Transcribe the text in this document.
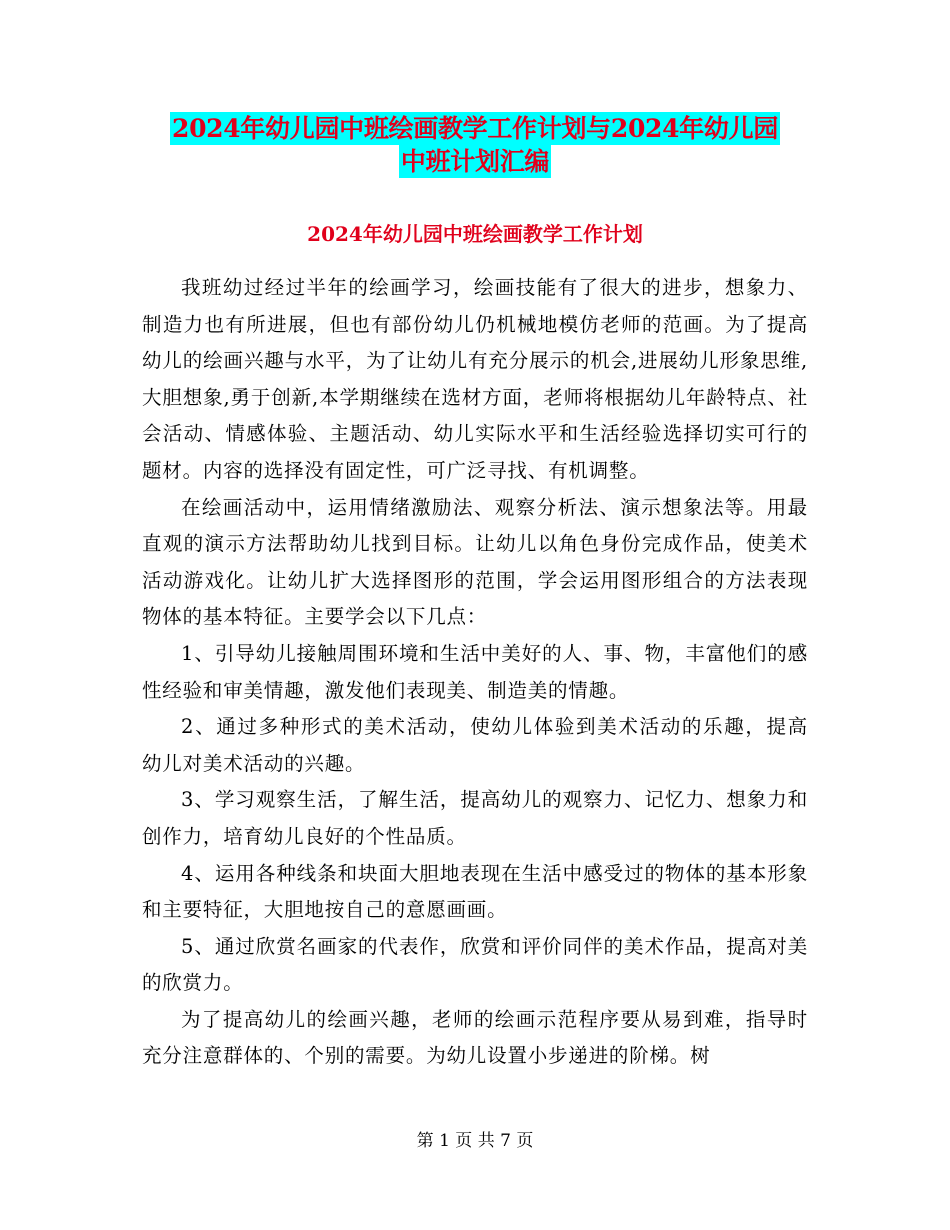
2024年幼儿园中班绘画教学工作计划与2024年幼儿园
中班计划汇编
2024年幼儿园中班绘画教学工作计划

我班幼过经过半年的绘画学习，绘画技能有了很大的进步，想象力、制造力也有所进展，但也有部份幼儿仍机械地模仿老师的范画。为了提高幼儿的绘画兴趣与水平，为了让幼儿有充分展示的机会,进展幼儿形象思维,大胆想象,勇于创新,本学期继续在选材方面，老师将根据幼儿年龄特点、社会活动、情感体验、主题活动、幼儿实际水平和生活经验选择切实可行的题材。内容的选择没有固定性，可广泛寻找、有机调整。

在绘画活动中，运用情绪激励法、观察分析法、演示想象法等。用最直观的演示方法帮助幼儿找到目标。让幼儿以角色身份完成作品，使美术活动游戏化。让幼儿扩大选择图形的范围，学会运用图形组合的方法表现物体的基本特征。主要学会以下几点：

1、引导幼儿接触周围环境和生活中美好的人、事、物，丰富他们的感性经验和审美情趣，激发他们表现美、制造美的情趣。

2、通过多种形式的美术活动，使幼儿体验到美术活动的乐趣，提高 幼儿对美术活动的兴趣。

3、学习观察生活，了解生活，提高幼儿的观察力、记忆力、想象力和创作力，培育幼儿良好的个性品质。

4、运用各种线条和块面大胆地表现在生活中感受过的物体的基本形象和主要特征，大胆地按自己的意愿画画。

5、通过欣赏名画家的代表作，欣赏和评价同伴的美术作品，提高对美的欣赏力。

为了提高幼儿的绘画兴趣，老师的绘画示范程序要从易到难，指导时充分注意群体的、个别的需要。为幼儿设置小步递进的阶梯。树

第 1 页 共 7 页
